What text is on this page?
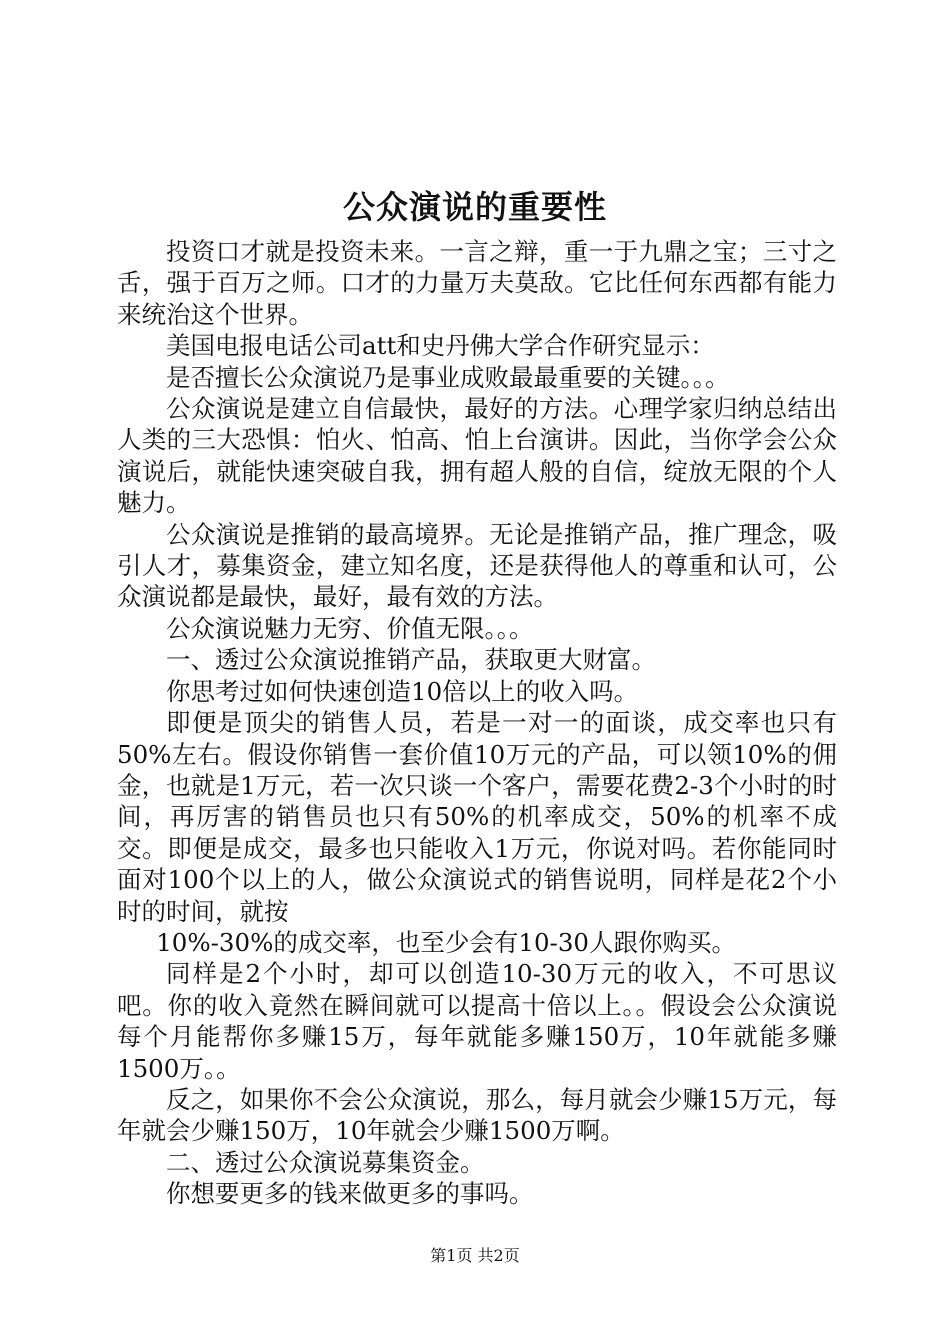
公众演说的重要性

投资口才就是投资未来。一言之辩，重一于九鼎之宝；三寸之舌，强于百万之师。口才的力量万夫莫敌。它比任何东西都有能力来统治这个世界。

美国电报电话公司att和史丹佛大学合作研究显示：

是否擅长公众演说乃是事业成败最最重要的关键。。。

公众演说是建立自信最快，最好的方法。心理学家归纳总结出人类的三大恐惧：怕火、怕高、怕上台演讲。因此，当你学会公众演说后，就能快速突破自我，拥有超人般的自信，绽放无限的个人魅力。

公众演说是推销的最高境界。无论是推销产品，推广理念，吸引人才，募集资金，建立知名度，还是获得他人的尊重和认可，公众演说都是最快，最好，最有效的方法。

公众演说魅力无穷、价值无限。。。

一、透过公众演说推销产品，获取更大财富。

你思考过如何快速创造10倍以上的收入吗。

即便是顶尖的销售人员，若是一对一的面谈，成交率也只有50%左右。假设你销售一套价值10万元的产品，可以领10%的佣金，也就是1万元，若一次只谈一个客户，需要花费2-3个小时的时间，再厉害的销售员也只有50%的机率成交，50%的机率不成交。即便是成交，最多也只能收入1万元，你说对吗。若你能同时面对100个以上的人，做公众演说式的销售说明，同样是花2个小时的时间，就按

10%-30%的成交率，也至少会有10-30人跟你购买。

同样是2个小时，却可以创造10-30万元的收入，不可思议吧。你的收入竟然在瞬间就可以提高十倍以上。。假设会公众演说每个月能帮你多赚15万，每年就能多赚150万，10年就能多赚1500万。。

反之，如果你不会公众演说，那么，每月就会少赚15万元，每年就会少赚150万，10年就会少赚1500万啊。

二、透过公众演说募集资金。

你想要更多的钱来做更多的事吗。

第1页 共2页
